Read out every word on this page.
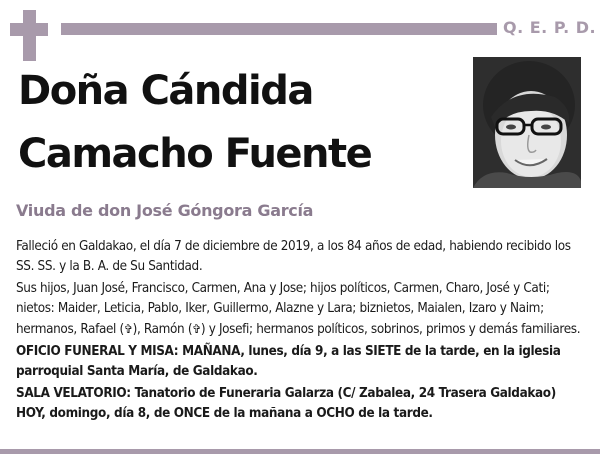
Q. E. P. D.
Doña Cándida
Camacho Fuente
Viuda de don José Góngora García

Falleció en Galdakao, el día 7 de diciembre de 2019, a los 84 años de edad, habiendo recibido los SS. SS. y la B. A. de Su Santidad.

Sus hijos, Juan José, Francisco, Carmen, Ana y Jose; hijos políticos, Carmen, Charo, José y Cati; nietos: Maider, Leticia, Pablo, Iker, Guillermo, Alazne y Lara; biznietos, Maialen, Izaro y Naim; hermanos, Rafael (✞), Ramón (✞) y Josefi; hermanos políticos, sobrinos, primos y demás familiares.

OFICIO FUNERAL Y MISA: MAÑANA, lunes, día 9, a las SIETE de la tarde, en la iglesia parroquial Santa María, de Galdakao.

SALA VELATORIO: Tanatorio de Funeraria Galarza (C/ Zabalea, 24 Trasera Galdakao) HOY, domingo, día 8, de ONCE de la mañana a OCHO de la tarde.
